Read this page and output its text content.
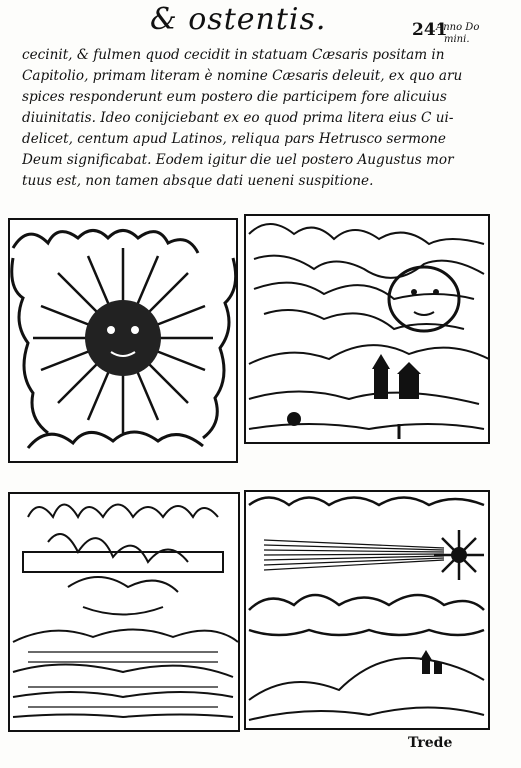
& ostentis.	241
Anno Do
mini.
cecinit, & fulmen quod cecidit in statuam Cæsaris positam in
Capitolio, primam literam è nomine Cæsaris deleuit, ex quo aru
spices responderunt eum postero die participem fore alicuius
diuinitatis. Ideo conijciebant ex eo quod prima litera eius C ui-
delicet, centum apud Latinos, reliqua pars Hetrusco sermone
Deum significabat. Eodem igitur die uel postero Augustus mor
tuus est, non tamen absque dati ueneni suspitione.
Trede
